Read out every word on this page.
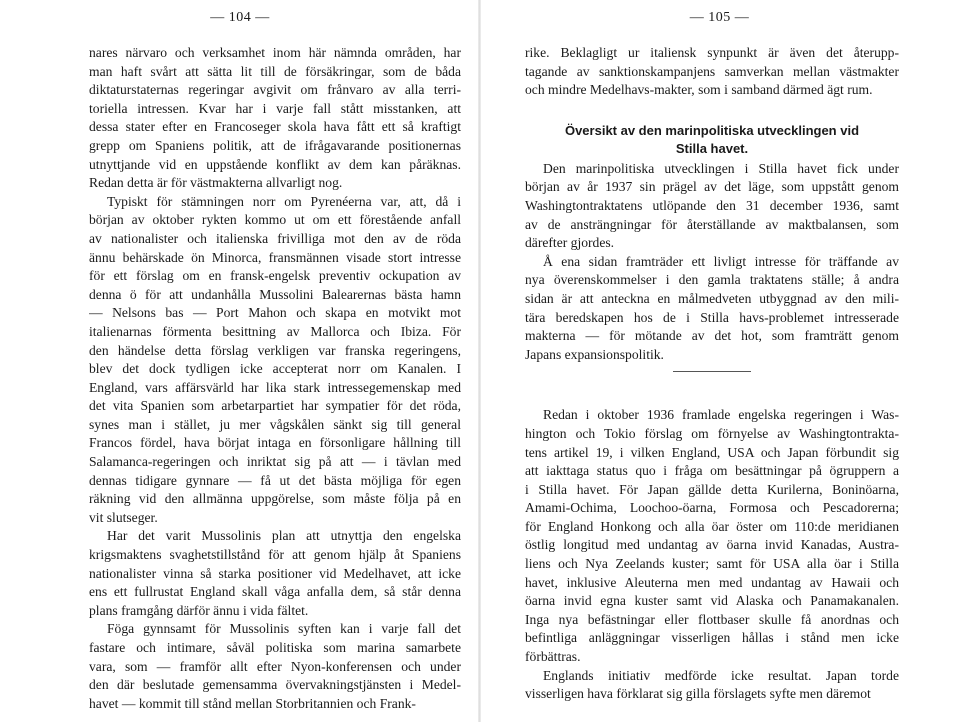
— 104 —
nares närvaro och verksamhet inom här nämnda områden, har
man haft svårt att sätta lit till de försäkringar, som de båda
diktaturstaternas regeringar avgivit om frånvaro av alla terri-
toriella intressen. Kvar har i varje fall stått misstanken, att
dessa stater efter en Francoseger skola hava fått ett så kraftigt
grepp om Spaniens politik, att de ifrågavarande positionernas
utnyttjande vid en uppstående konflikt av dem kan påräknas.
Redan detta är för västmakterna allvarligt nog.
Typiskt för stämningen norr om Pyrenéerna var, att, då i
början av oktober rykten kommo ut om ett förestående anfall
av nationalister och italienska frivilliga mot den av de röda
ännu behärskade ön Minorca, fransmännen visade stort intresse
för ett förslag om en fransk-engelsk preventiv ockupation av
denna ö för att undanhålla Mussolini Balearernas bästa hamn
— Nelsons bas — Port Mahon och skapa en motvikt mot
italienarnas förmenta besittning av Mallorca och Ibiza. För
den händelse detta förslag verkligen var franska regeringens,
blev det dock tydligen icke accepterat norr om Kanalen. I
England, vars affärsvärld har lika stark intressegemenskap med
det vita Spanien som arbetarpartiet har sympatier för det röda,
synes man i stället, ju mer vågskålen sänkt sig till general
Francos fördel, hava börjat intaga en försonligare hållning till
Salamanca-regeringen och inriktat sig på att — i tävlan med
dennas tidigare gynnare — få ut det bästa möjliga för egen
räkning vid den allmänna uppgörelse, som måste följa på en
vit slutseger.
Har det varit Mussolinis plan att utnyttja den engelska
krigsmaktens svaghetstillstånd för att genom hjälp åt Spaniens
nationalister vinna så starka positioner vid Medelhavet, att icke
ens ett fullrustat England skall våga anfalla dem, så står denna
plans framgång därför ännu i vida fältet.
Föga gynnsamt för Mussolinis syften kan i varje fall det
fastare och intimare, såväl politiska som marina samarbete
vara, som — framför allt efter Nyon-konferensen och under
den där beslutade gemensamma övervakningstjänsten i Medel-
havet — kommit till stånd mellan Storbritannien och Frank-
— 105 —
rike. Beklagligt ur italiensk synpunkt är även det återupp-
tagande av sanktionskampanjens samverkan mellan västmakter
och mindre Medelhavs-makter, som i samband därmed ägt rum.
Översikt av den marinpolitiska utvecklingen vid
Stilla havet.
Den marinpolitiska utvecklingen i Stilla havet fick under
början av år 1937 sin prägel av det läge, som uppstått genom
Washingtontraktatens utlöpande den 31 december 1936, samt
av de ansträngningar för återställande av maktbalansen, som
därefter gjordes.
Å ena sidan framträder ett livligt intresse för träffande av
nya överenskommelser i den gamla traktatens ställe; å andra
sidan är att anteckna en målmedveten utbyggnad av den mili-
tära beredskapen hos de i Stilla havs-problemet intresserade
makterna — för mötande av det hot, som framträtt genom
Japans expansionspolitik.
Redan i oktober 1936 framlade engelska regeringen i Was-
hington och Tokio förslag om förnyelse av Washingtontrakta-
tens artikel 19, i vilken England, USA och Japan förbundit sig
att iakttaga status quo i fråga om besättningar på ögruppern a
i Stilla havet. För Japan gällde detta Kurilerna, Boninöarna,
Amami-Ochima, Loochoo-öarna, Formosa och Pescadorerna;
för England Honkong och alla öar öster om 110:de meridianen
östlig longitud med undantag av öarna invid Kanadas, Austra-
liens och Nya Zeelands kuster; samt för USA alla öar i Stilla
havet, inklusive Aleuterna men med undantag av Hawaii och
öarna invid egna kuster samt vid Alaska och Panamakanalen.
Inga nya befästningar eller flottbaser skulle få anordnas och
befintliga anläggningar visserligen hållas i stånd men icke
förbättras.
Englands initiativ medförde icke resultat. Japan torde
visserligen hava förklarat sig gilla förslagets syfte men däremot
